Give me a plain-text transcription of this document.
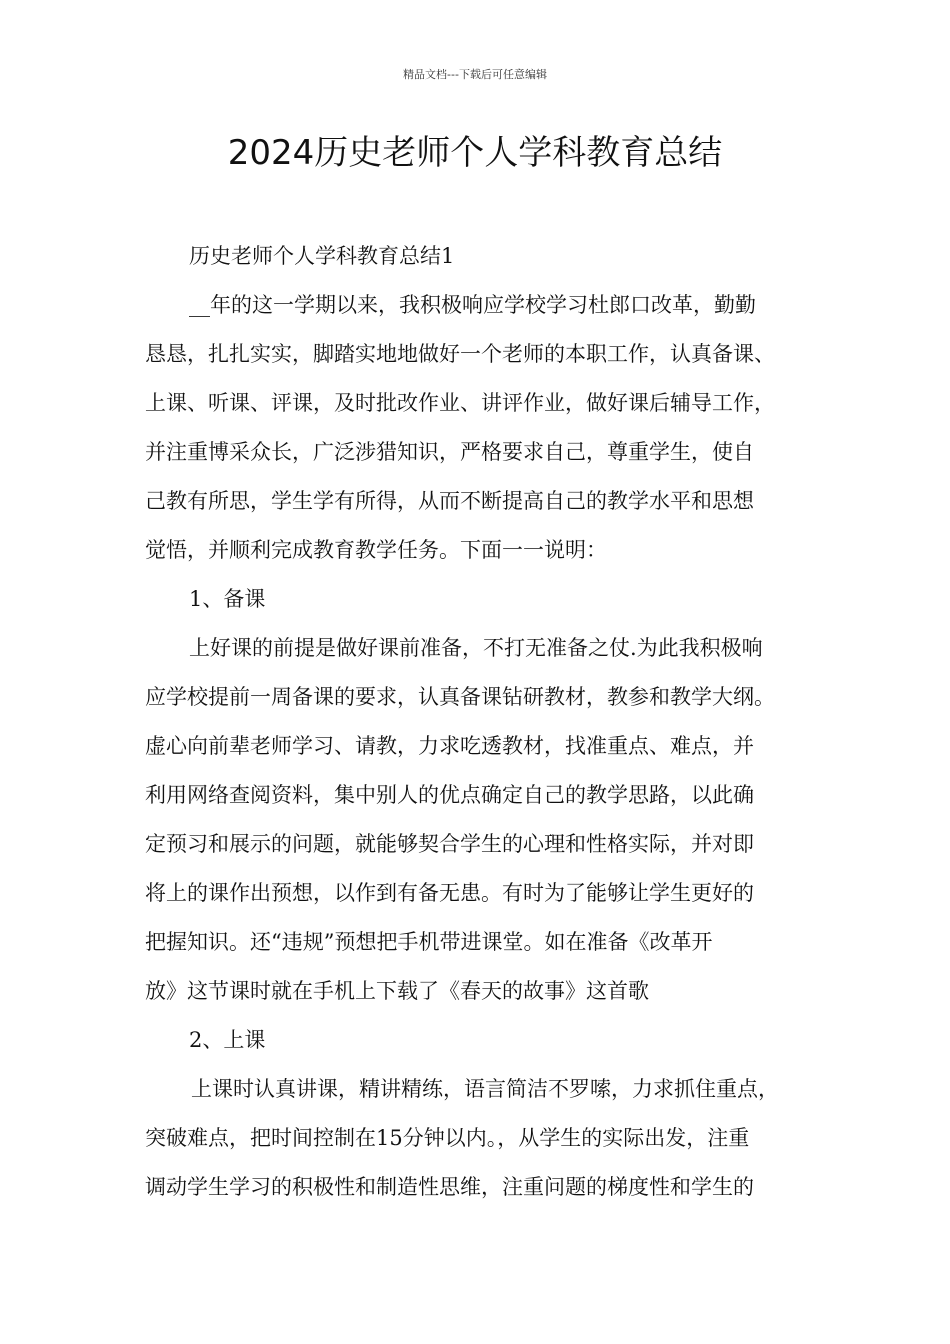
精品文档---下载后可任意编辑
2024历史老师个人学科教育总结
历史老师个人学科教育总结1
__年的这一学期以来，我积极响应学校学习杜郎口改革，勤勤
恳恳，扎扎实实，脚踏实地地做好一个老师的本职工作，认真备课、
上课、听课、评课，及时批改作业、讲评作业，做好课后辅导工作，
并注重博采众长，广泛涉猎知识，严格要求自己，尊重学生，使自
己教有所思，学生学有所得，从而不断提高自己的教学水平和思想
觉悟，并顺利完成教育教学任务。下面一一说明：
1、备课
上好课的前提是做好课前准备，不打无准备之仗.为此我积极响
应学校提前一周备课的要求，认真备课钻研教材，教参和教学大纲。
虚心向前辈老师学习、请教，力求吃透教材，找准重点、难点，并
利用网络查阅资料，集中别人的优点确定自己的教学思路，以此确
定预习和展示的问题，就能够契合学生的心理和性格实际，并对即
将上的课作出预想，以作到有备无患。有时为了能够让学生更好的
把握知识。还“违规”预想把手机带进课堂。如在准备《改革开
放》这节课时就在手机上下载了《春天的故事》这首歌
2、上课
上课时认真讲课，精讲精练，语言简洁不罗嗦，力求抓住重点，
突破难点，把时间控制在15分钟以内。，从学生的实际出发，注重
调动学生学习的积极性和制造性思维，注重问题的梯度性和学生的
